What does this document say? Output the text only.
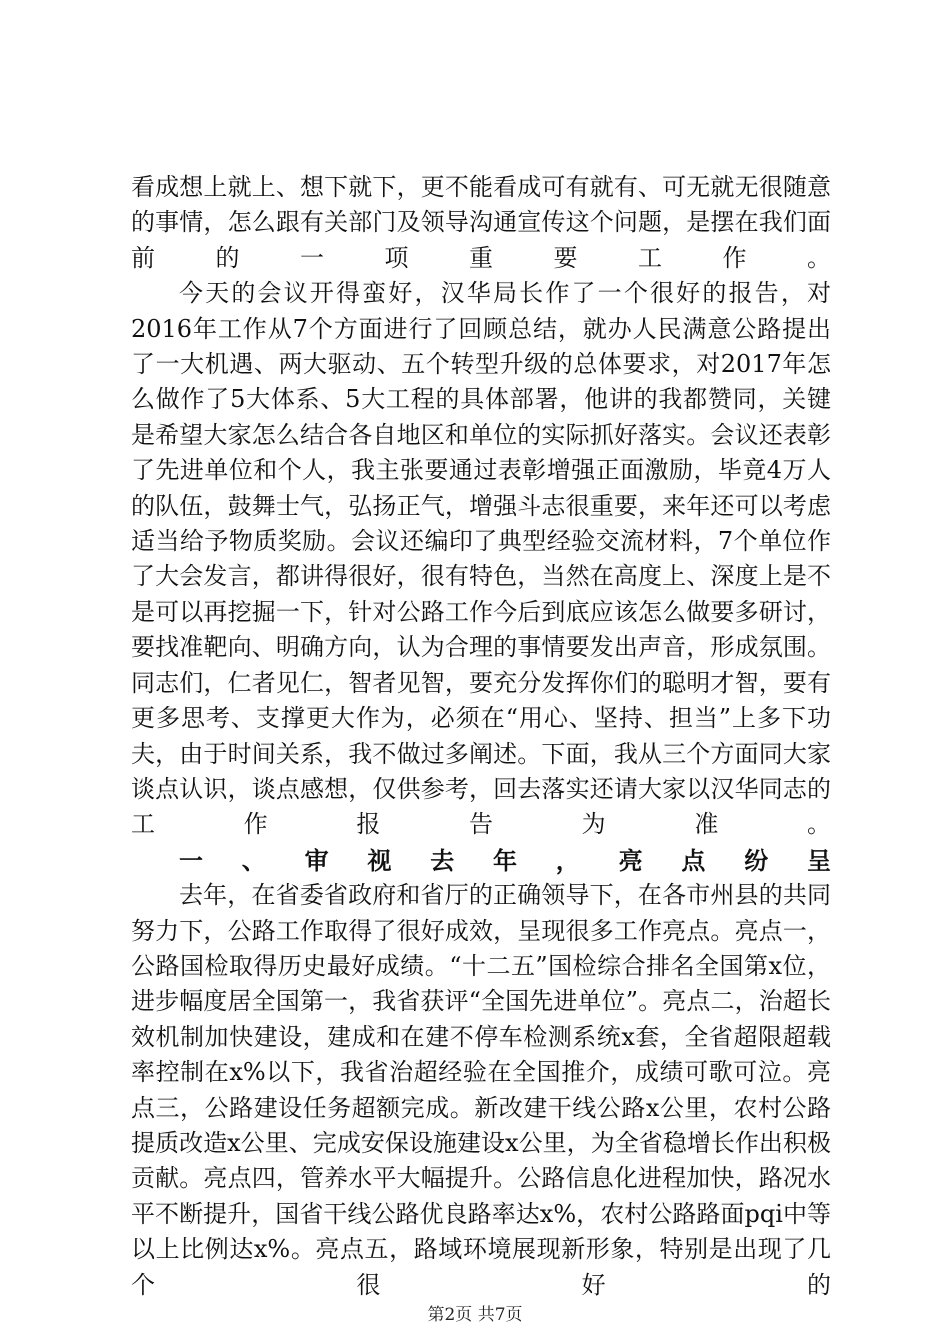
看成想上就上、想下就下，更不能看成可有就有、可无就无很随意的事情，怎么跟有关部门及领导沟通宣传这个问题，是摆在我们面前的一项重要工作。

今天的会议开得蛮好，汉华局长作了一个很好的报告，对2016年工作从7个方面进行了回顾总结，就办人民满意公路提出了一大机遇、两大驱动、五个转型升级的总体要求，对2017年怎么做作了5大体系、5大工程的具体部署，他讲的我都赞同，关键是希望大家怎么结合各自地区和单位的实际抓好落实。会议还表彰了先进单位和个人，我主张要通过表彰增强正面激励，毕竟4万人的队伍，鼓舞士气，弘扬正气，增强斗志很重要，来年还可以考虑适当给予物质奖励。会议还编印了典型经验交流材料，7个单位作了大会发言，都讲得很好，很有特色，当然在高度上、深度上是不是可以再挖掘一下，针对公路工作今后到底应该怎么做要多研讨，要找准靶向、明确方向，认为合理的事情要发出声音，形成氛围。同志们，仁者见仁，智者见智，要充分发挥你们的聪明才智，要有更多思考、支撑更大作为，必须在“用心、坚持、担当”上多下功夫，由于时间关系，我不做过多阐述。下面，我从三个方面同大家谈点认识，谈点感想，仅供参考，回去落实还请大家以汉华同志的工作报告为准。

一、审视去年，亮点纷呈

去年，在省委省政府和省厅的正确领导下，在各市州县的共同努力下，公路工作取得了很好成效，呈现很多工作亮点。亮点一，公路国检取得历史最好成绩。“十二五”国检综合排名全国第x位，进步幅度居全国第一，我省获评“全国先进单位”。亮点二，治超长效机制加快建设，建成和在建不停车检测系统x套，全省超限超载率控制在x%以下，我省治超经验在全国推介，成绩可歌可泣。亮点三，公路建设任务超额完成。新改建干线公路x公里，农村公路提质改造x公里、完成安保设施建设x公里，为全省稳增长作出积极贡献。亮点四，管养水平大幅提升。公路信息化进程加快，路况水平不断提升，国省干线公路优良路率达x%，农村公路路面pqi中等以上比例达x%。亮点五，路域环境展现新形象，特别是出现了几个很好的

第2页 共7页
